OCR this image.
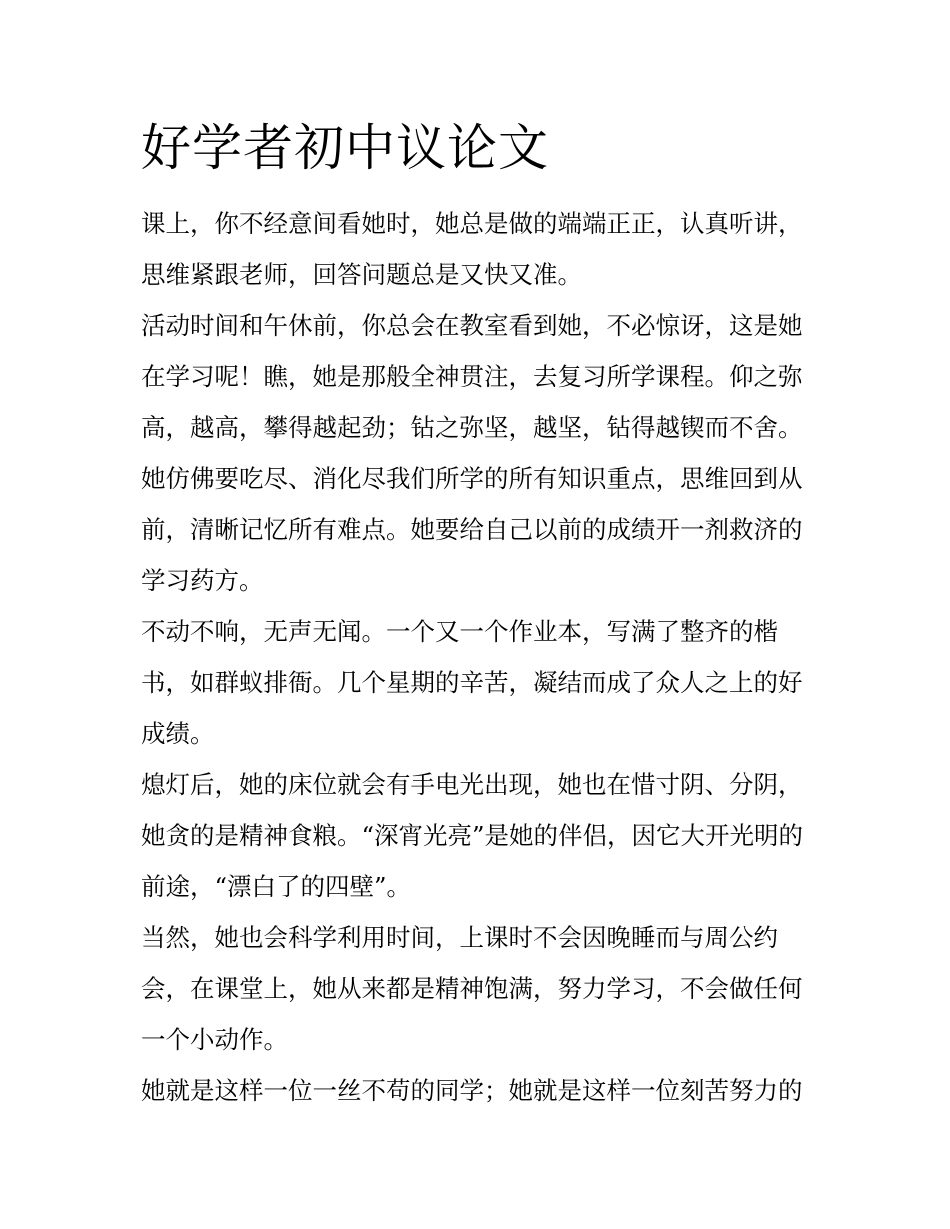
好学者初中议论文

课上，你不经意间看她时，她总是做的端端正正，认真听讲，思维紧跟老师，回答问题总是又快又准。

活动时间和午休前，你总会在教室看到她，不必惊讶，这是她在学习呢！瞧，她是那般全神贯注，去复习所学课程。仰之弥高，越高，攀得越起劲；钻之弥坚，越坚，钻得越锲而不舍。她仿佛要吃尽、消化尽我们所学的所有知识重点，思维回到从前，清晰记忆所有难点。她要给自己以前的成绩开一剂救济的学习药方。

不动不响，无声无闻。一个又一个作业本，写满了整齐的楷书，如群蚁排衙。几个星期的辛苦，凝结而成了众人之上的好成绩。

熄灯后，她的床位就会有手电光出现，她也在惜寸阴、分阴，她贪的是精神食粮。“深宵光亮”是她的伴侣，因它大开光明的前途，“漂白了的四壁”。

当然，她也会科学利用时间，上课时不会因晚睡而与周公约会，在课堂上，她从来都是精神饱满，努力学习，不会做任何一个小动作。

她就是这样一位一丝不苟的同学；她就是这样一位刻苦努力的
